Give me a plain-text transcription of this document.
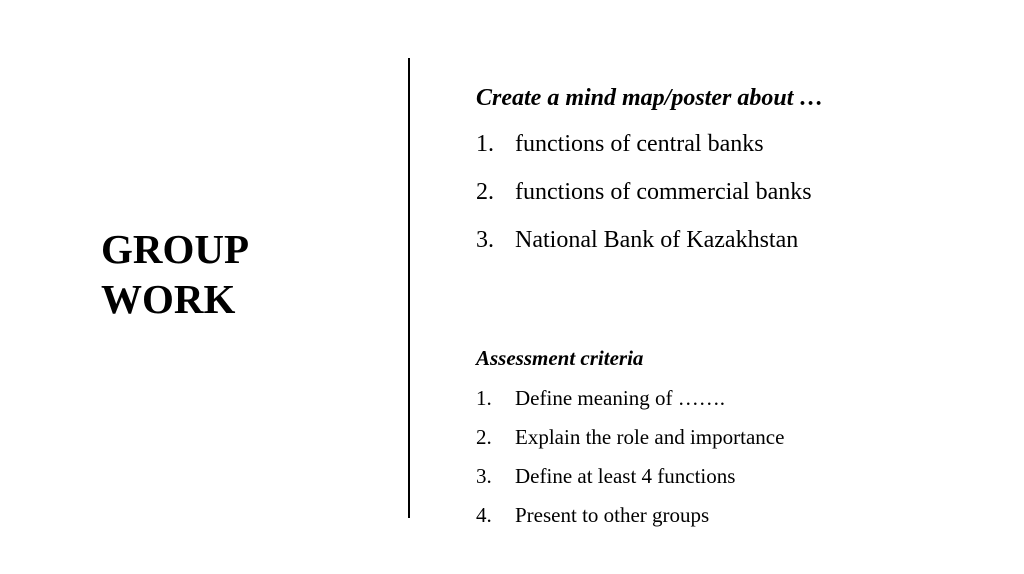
GROUP
WORK

Create a mind map/poster about …

1. functions of central banks
2. functions of commercial banks
3. National Bank of Kazakhstan

Assessment criteria

1. Define meaning of …….
2. Explain the role and importance
3. Define at least 4 functions
4. Present to other groups
